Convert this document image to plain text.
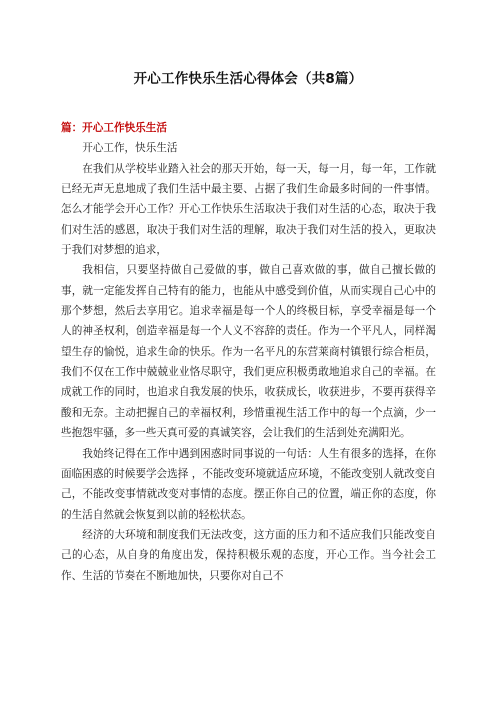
开心工作快乐生活心得体会（共8篇）

篇：开心工作快乐生活

开心工作，快乐生活

在我们从学校毕业踏入社会的那天开始，每一天，每一月，每一年，工作就已经无声无息地成了我们生活中最主要、占据了我们生命最多时间的一件事情。怎么才能学会开心工作？开心工作快乐生活取决于我们对生活的心态，取决于我们对生活的感恩，取决于我们对生活的理解，取决于我们对生活的投入，更取决于我们对梦想的追求，

我相信，只要坚持做自己爱做的事，做自己喜欢做的事，做自己擅长做的事，就一定能发挥自己特有的能力，也能从中感受到价值，从而实现自己心中的那个梦想，然后去享用它。追求幸福是每一个人的终极目标，享受幸福是每一个人的神圣权利，创造幸福是每一个人义不容辞的责任。作为一个平凡人，同样渴望生存的愉悦，追求生命的快乐。作为一名平凡的东营莱商村镇银行综合柜员，我们不仅在工作中兢兢业业恪尽职守，我们更应积极勇敢地追求自己的幸福。在成就工作的同时，也追求自我发展的快乐，收获成长，收获进步，不要再获得辛酸和无奈。主动把握自己的幸福权利，珍惜重视生活工作中的每一个点滴，少一些抱怨牢骚，多一些天真可爱的真诚笑容，会让我们的生活到处充满阳光。

我始终记得在工作中遇到困惑时同事说的一句话：人生有很多的选择，在你面临困惑的时候要学会选择 ，不能改变环境就适应环境，不能改变别人就改变自己，不能改变事情就改变对事情的态度。摆正你自己的位置，端正你的态度，你的生活自然就会恢复到以前的轻松状态。

经济的大环境和制度我们无法改变，这方面的压力和不适应我们只能改变自己的心态，从自身的角度出发，保持积极乐观的态度，开心工作。当今社会工作、生活的节奏在不断地加快，只要你对自己不
